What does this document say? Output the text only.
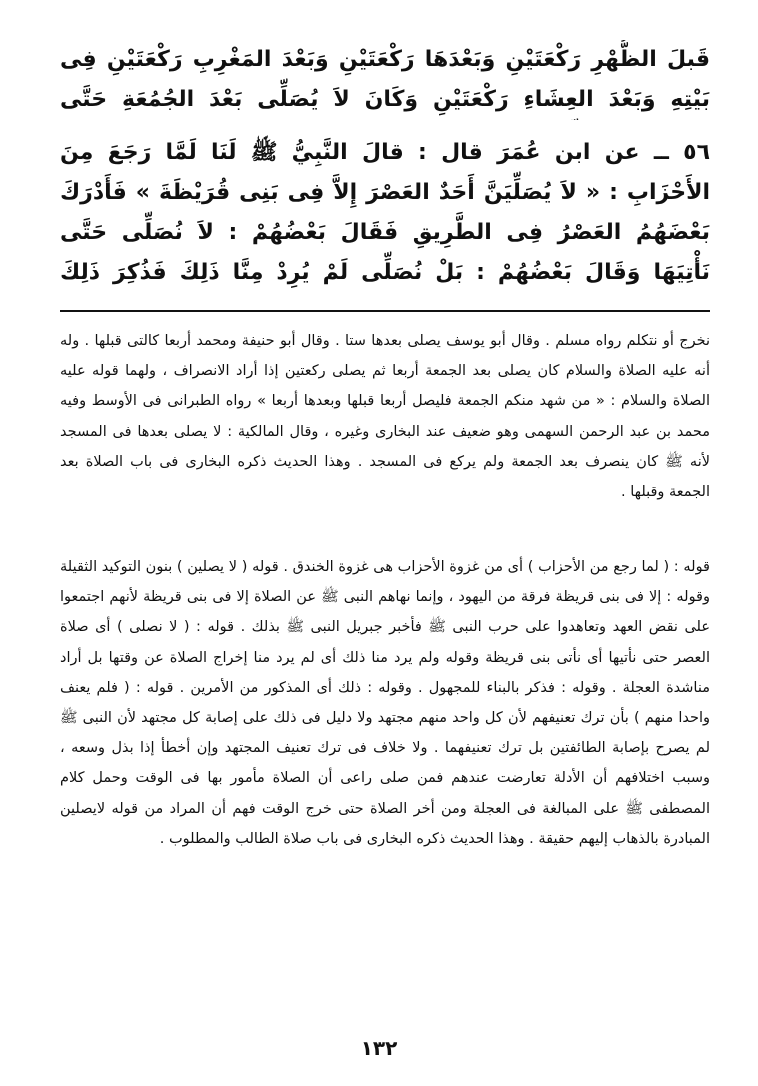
قَبلَ الظُّهْرِ رَكْعَتَيْنِ وَبَعْدَهَا رَكْعَتَيْنِ وَبَعْدَ المَغْرِبِ رَكْعَتَيْنِ فِى بَيْتِهِ وَبَعْدَ العِشَاءِ رَكْعَتَيْنِ وَكَانَ لاَ يُصَلِّى بَعْدَ الجُمُعَةِ حَتَّى

٥٦ ــ عن ابن عُمَرَ قال : قالَ النَّبِيُّ ﷺ لَنَا لَمَّا رَجَعَ مِنَ الأَحْزَابِ : « لاَ يُصَلِّيَنَّ أَحَدٌ العَصْرَ إِلاَّ فِى بَنِى قُرَيْظَةَ » فَأَدْرَكَ بَعْضَهُمُ العَصْرُ فِى الطَّرِيقِ فَقَالَ بَعْضُهُمْ : لاَ نُصَلِّى حَتَّى نَأْتِيَهَا وَقَالَ بَعْضُهُمْ : بَلْ نُصَلِّى لَمْ يُرِدْ مِنَّا ذَلِكَ فَذُكِرَ ذَلِكَ

نخرج أو نتكلم رواه مسلم . وقال أبو يوسف يصلى بعدها ستا . وقال أبو حنيفة ومحمد أربعا كالتى قبلها . وله أنه عليه الصلاة والسلام كان يصلى بعد الجمعة أربعا ثم يصلى ركعتين إذا أراد الانصراف ، ولهما قوله عليه الصلاة والسلام : « من شهد منكم الجمعة فليصل أربعا قبلها وبعدها أربعا » رواه الطبرانى فى الأوسط وفيه محمد بن عبد الرحمن السهمى وهو ضعيف عند البخارى وغيره ، وقال المالكية : لا يصلى بعدها فى المسجد لأنه ﷺ كان ينصرف بعد الجمعة ولم يركع فى المسجد . وهذا الحديث ذكره البخارى فى باب الصلاة بعد الجمعة وقبلها .

قوله : ( لما رجع من الأحزاب ) أى من غزوة الأحزاب هى غزوة الخندق . قوله ( لا يصلين ) بنون التوكيد الثقيلة وقوله : إلا فى بنى قريظة فرقة من اليهود ، وإنما نهاهم النبى ﷺ عن الصلاة إلا فى بنى قريظة لأنهم اجتمعوا على نقض العهد وتعاهدوا على حرب النبى ﷺ فأخبر جبريل النبى ﷺ بذلك . قوله : ( لا نصلى ) أى صلاة العصر حتى نأتيها أى نأتى بنى قريظة وقوله ولم يرد منا ذلك أى لم يرد منا إخراج الصلاة عن وقتها بل أراد مناشدة العجلة . وقوله : فذكر بالبناء للمجهول . وقوله : ذلك أى المذكور من الأمرين . قوله : ( فلم يعنف واحدا منهم ) بأن ترك تعنيفهم لأن كل واحد منهم مجتهد ولا دليل فى ذلك على إصابة كل مجتهد لأن النبى ﷺ لم يصرح بإصابة الطائفتين بل ترك تعنيفهما . ولا خلاف فى ترك تعنيف المجتهد وإن أخطأ إذا بذل وسعه ، وسبب اختلافهم أن الأدلة تعارضت عندهم فمن صلى راعى أن الصلاة مأمور بها فى الوقت وحمل كلام المصطفى ﷺ على المبالغة فى العجلة ومن أخر الصلاة حتى خرج الوقت فهم أن المراد من قوله لايصلين المبادرة بالذهاب إليهم حقيقة . وهذا الحديث ذكره البخارى فى باب صلاة الطالب والمطلوب .

١٣٢
